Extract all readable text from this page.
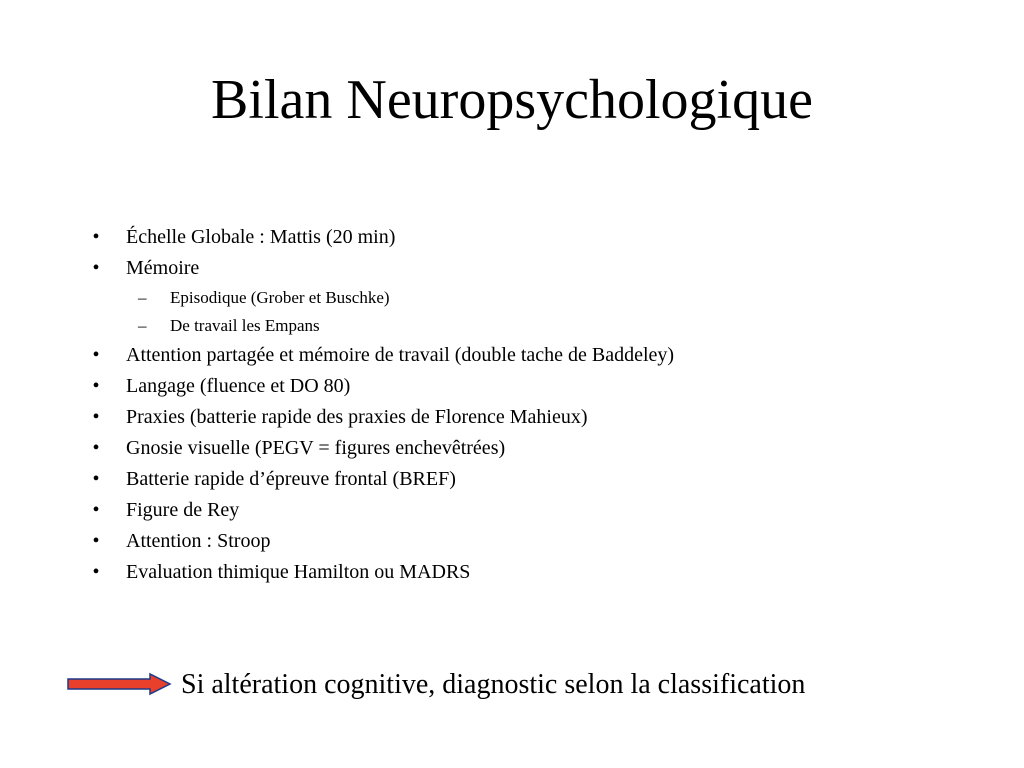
Bilan Neuropsychologique
•	Échelle Globale : Mattis (20 min)
•	Mémoire
– Episodique (Grober et Buschke)
– De travail les Empans
•	Attention partagée et mémoire de travail (double tache de Baddeley)
•	Langage (fluence et DO 80)
•	Praxies (batterie rapide des praxies de Florence Mahieux)
•	Gnosie visuelle (PEGV = figures enchevêtrées)
•	Batterie rapide d’épreuve frontal (BREF)
•	Figure de Rey
•	Attention : Stroop
•	Evaluation thimique Hamilton ou MADRS
Si altération cognitive, diagnostic selon la classification
